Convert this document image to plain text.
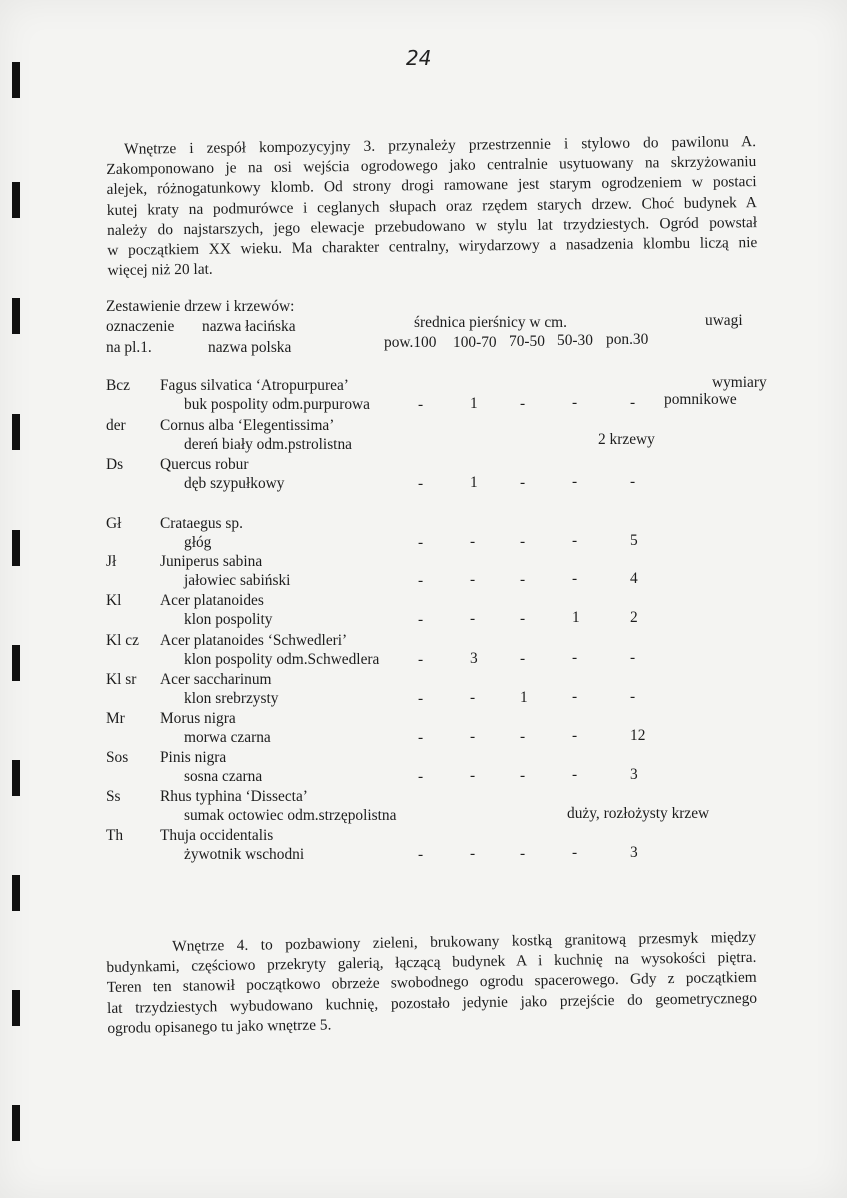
24
Wnętrze i zespół kompozycyjny 3. przynależy przestrzennie i stylowo do pawilonu A.
Zakomponowano je na osi wejścia ogrodowego jako centralnie usytuowany na skrzyżowaniu
alejek, różnogatunkowy klomb. Od strony drogi ramowane jest starym ogrodzeniem w postaci
kutej kraty na podmurówce i ceglanych słupach oraz rzędem starych drzew. Choć budynek A
należy do najstarszych, jego elewacje przebudowano w stylu lat trzydziestych. Ogród powstał
w początkiem XX wieku. Ma charakter centralny, wirydarzowy a nasadzenia klombu liczą nie
więcej niż 20 lat.
Zestawienie drzew i krzewów:
oznaczenie nazwa łacińska	średnica pierśnicy w cm.	uwagi
na pl.1.	nazwa polska	pow.100 100-70 70-50 50-30 pon.30
Bcz Fagus silvatica ‘Atropurpurea’
buk pospolity odm.purpurowa	-	1	-	-	-
wymiary
pomnikowe
der Cornus alba ‘Elegentissima’
dereń biały odm.pstrolistna	2 krzewy
Ds Quercus robur
dęb szypułkowy	-	1	-	-	-
Gł	Crataegus sp.
głóg	-	-	-	-	5
Jł	Juniperus sabina
jałowiec sabiński	-	-	-	-	4
Kl	Acer platanoides
klon pospolity	-	-	-	1	2
Kl cz Acer platanoides ‘Schwedleri’
klon pospolity odm.Schwedlera	-	3	-	-	-
Kl sr Acer saccharinum
klon srebrzysty	-	-	1	-	-
Mr Morus nigra
morwa czarna	-	-	-	-	12
Sos Pinis nigra
sosna czarna	-	-	-	-	3
Ss	Rhus typhina ‘Dissecta’
sumak octowiec odm.strzępolistna	duży, rozłożysty krzew
Th Thuja occidentalis
żywotnik wschodni	-	-	-	-	3
Wnętrze 4. to pozbawiony zieleni, brukowany kostką granitową przesmyk między
budynkami, częściowo przekryty galerią, łączącą budynek A i kuchnię na wysokości piętra.
Teren ten stanowił początkowo obrzeże swobodnego ogrodu spacerowego. Gdy z początkiem
lat trzydziestych wybudowano kuchnię, pozostało jedynie jako przejście do geometrycznego
ogrodu opisanego tu jako wnętrze 5.
